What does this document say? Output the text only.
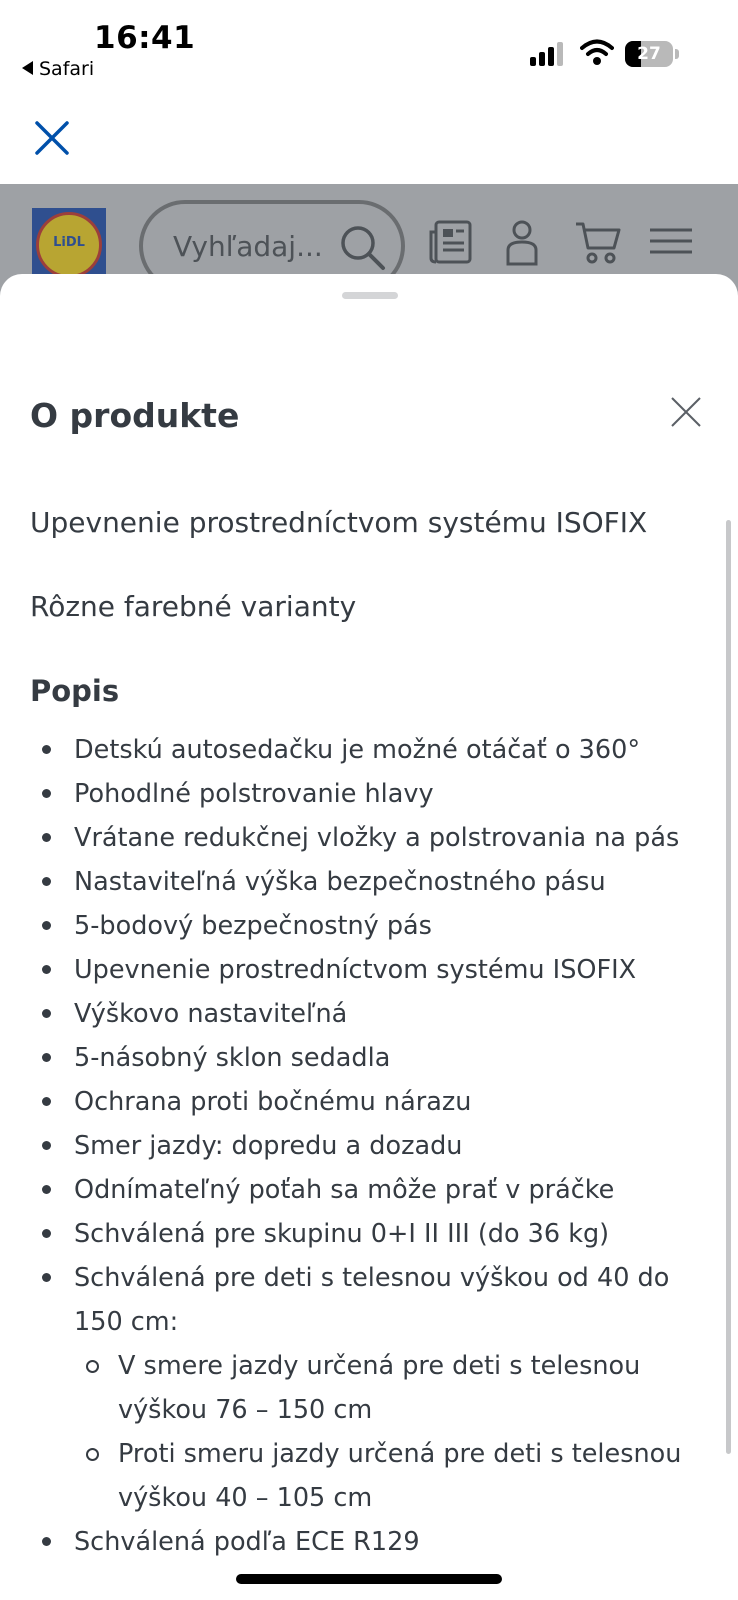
16:41
Safari
27
LiDL	Vyhľadaj...
O produkte
Upevnenie prostredníctvom systému ISOFIX
Rôzne farebné varianty
Popis
Detskú autosedačku je možné otáčať o 360°
Pohodlné polstrovanie hlavy
Vrátane redukčnej vložky a polstrovania na pás
Nastaviteľná výška bezpečnostného pásu
5-bodový bezpečnostný pás
Upevnenie prostredníctvom systému ISOFIX
Výškovo nastaviteľná
5-násobný sklon sedadla
Ochrana proti bočnému nárazu
Smer jazdy: dopredu a dozadu
Odnímateľný poťah sa môže prať v práčke
Schválená pre skupinu 0+I II III (do 36 kg)
Schválená pre deti s telesnou výškou od 40 do
150 cm:
V smere jazdy určená pre deti s telesnou
výškou 76 – 150 cm
Proti smeru jazdy určená pre deti s telesnou
výškou 40 – 105 cm
Schválená podľa ECE R129
